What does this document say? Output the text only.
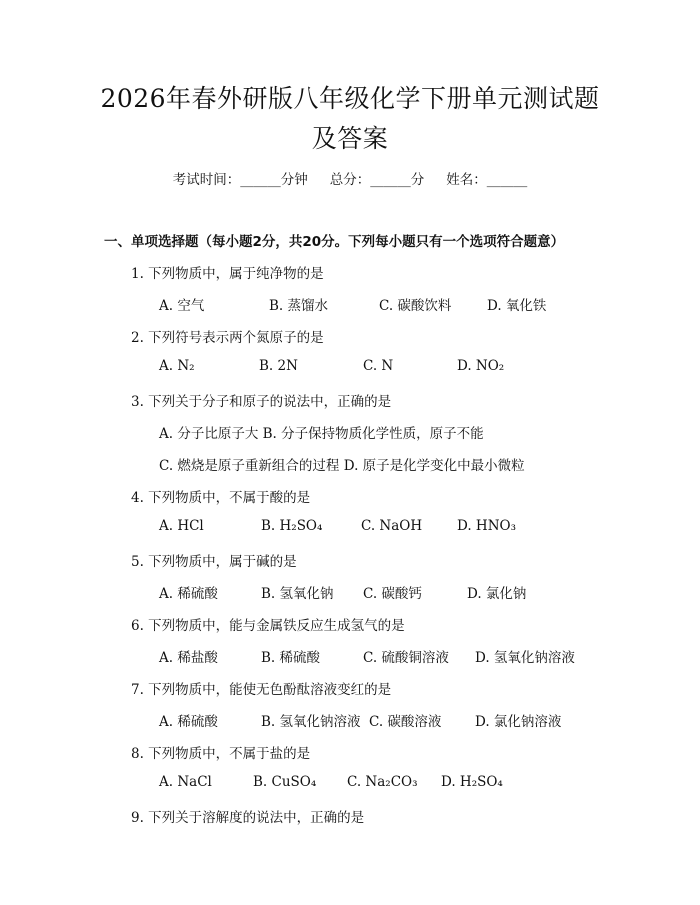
2026年春外研版八年级化学下册单元测试题
及答案
考试时间：______分钟 总分：______分 姓名：______
一、单项选择题（每小题2分，共20分。下列每小题只有一个选项符合题意）
1. 下列物质中，属于纯净物的是
A. 空气	B. 蒸馏水	C. 碳酸饮料	D. 氧化铁
2. 下列符号表示两个氮原子的是
A. N₂	B. 2N	C. N	D. NO₂
3. 下列关于分子和原子的说法中，正确的是
A. 分子比原子大 B. 分子保持物质化学性质，原子不能
C. 燃烧是原子重新组合的过程 D. 原子是化学变化中最小微粒
4. 下列物质中，不属于酸的是
A. HCl	B. H₂SO₄	C. NaOH	D. HNO₃
5. 下列物质中，属于碱的是
A. 稀硫酸	B. 氢氧化钠 C. 碳酸钙	D. 氯化钠
6. 下列物质中，能与金属铁反应生成氢气的是
A. 稀盐酸	B. 稀硫酸	C. 硫酸铜溶液 D. 氢氧化钠溶液
7. 下列物质中，能使无色酚酞溶液变红的是
A. 稀硫酸	B. 氢氧化钠溶液 C. 碳酸溶液 D. 氯化钠溶液
8. 下列物质中，不属于盐的是
A. NaCl	B. CuSO₄ C. Na₂CO₃ D. H₂SO₄
9. 下列关于溶解度的说法中，正确的是
